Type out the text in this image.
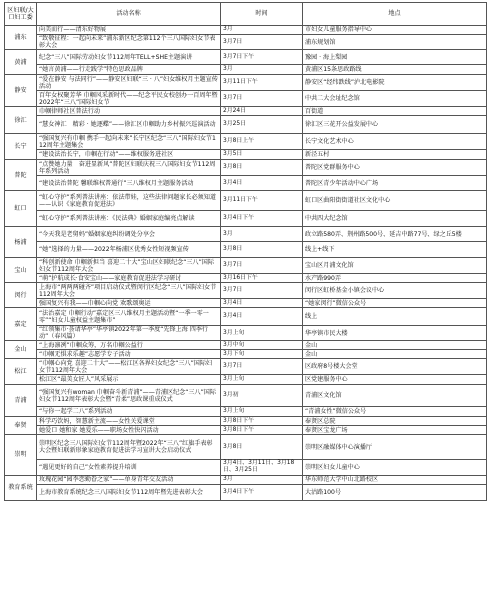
区妇联/大口妇工委	活动名称	时间	地点
浦东	向美而行——清东好物展	3月	市妇女儿童服务指导中心
	“致敬征程：一起向未来”浦东新区纪念第112个三八国际妇女节表彰大会	3月7日	浦东规划馆
黄浦	纪念“三八”国际劳动妇女节112周年TELL+SHE主题演讲	3月7日下午	豫园 · 海上梨园
	“她言黄浦——行走践学”特色思政品牌	3月	黄浦区15条思政路线
静安	“爱在静安 与法同行”——静安区妇联“三 · 八”妇女维权月主题宣传活动	3月11日下午	静安区“经纬跌线”泸北电影院
	百年女权聚芳华 巾帼风采新时代——纪念平民女校创办一百周年暨2022年“三八”国际妇女节	3月7日	中共二大会址纪念馆
徐汇	巾帼律师社区普法行动	2月24日	百街道
	“慧女神汇　精彩 · 她逐蝶”——徐汇区巾帼助力乡村振兴巡演活动	3月25日	徐汇区三花开公益发展中心
长宁	“强国复兴有巾帼 携手一起向未来”长宁区纪念“三八”国际妇女节112周年主题集会	3月8日上午	长宁文化艺术中心
	“建设法治长宁，巾帼在行动”——维权服务进社区	3月5日	新泾五村
普陀	“点赞她力量　奋进显新风”普陀区妇联庆祝三八国际妇女节112周年系列活动	3月8日	普陀区党群服务中心
	“建设法治普陀 馨联维权普通行”三八维权月主题服务活动	3月4日	普陀区青少年活动中心广场
虹口	“虹心守护”系列普法讲座：依法带娃，这些法律问题家长必须知道——认识《家庭教育促进法》	3月11日下午	虹口区曲阳街街道社区文化中心
	“虹心守护”系列普法讲座：《民法典》婚姻家庭编亮点解读	3月4日下午	中共四大纪念馆
杨浦	“今天我是老舅妈”婚姻家庭纠纷调处分享会	3月	政立路580弄、荆州路500号、延吉中路77号、绿之丘5楼
	“她”选择的力量——2022年杨浦区优秀女性短视频宣传	3月8日	线上+线下
宝山	“科创新使命 巾帼新担当 喜迎二十大”宝山区妇联纪念“三八”国际妇女节112周年大会	3月7日	宝山区月浦文化馆
	“萌”护航成长·食安宝山——家庭教育促进法学习研讨	3月16日下午	水产路990弄
闵行	上海市“两两两碰齐”项目启动仪式暨闵行区纪念“三八”国际妇女节112周年大会	3月7日	闵行区虹桥基金小镇会议中心
	强国复兴有我——巾帼心向党 欢歌颂奥运	3月4日	“她家闵行”微信公众号
嘉定	“法治嘉定 巾帼行动”嘉定区三八维权月主题活动暨“一季一零一零”“妇女儿童权益主题集市”	3月4日	线上
	“红领集市·荟请华亭”华亭镇2022年第一季度“先锋上海 四季行动”（春风篇）	3月上旬	华亭镇市民大楼
金山	“上海凛冽”巾帼众筹，万名巾帼公益行	3月中旬	金山
	“巾帼无惧求乐趣”志愿学专子活动	3月下旬	金山
松江	“巾帼心向党 喜迎二十大”——松江区各界妇女纪念“三八”国际妇女节112周年大会	3月7日	区政府8号楼大会堂
	松江区“最美女匠人”风采展示	3月上旬	区党建服务中心
青浦	“强国复兴有woman 巾帼奋斗新青浦”——青浦区纪念“三八”国际妇女节112周年表彰大会暨“青柔”思政课重成仪式	3月初	青浦区文化馆
	“与你一起学二八”系列活动	3月上旬	“青浦女性”微信公众号
奉贤	科学巧饮妈，智慧新主流——女性关爱课堂	3月8日下午	奉贤区总院
	她爱口 她和家 她爱乐——职场女性快闪活动	3月8日下午	奉贤区宝龙广场
崇明	崇明区纪念三八国际妇女节112周年暨2022年“三八”红旗手表彰大会暨妇联新形象家庭教育促进法学习宣讲大会启动仪式	3月8日	崇明区融媒体中心演播厅
	“遇见更好的自己”女性素养提升培训	3月4日、3月11日、3月18日、3月25日	崇明区妇女儿童中心
教育系统	玫瑰花园“园李恋勤眷之家”——单身青年交友活动	3月	华东师范大学中山北路校区
	上海市教育系统纪念三八国际妇女节112周年暨先进表彰大会	3月4日下午	大沽路100号
